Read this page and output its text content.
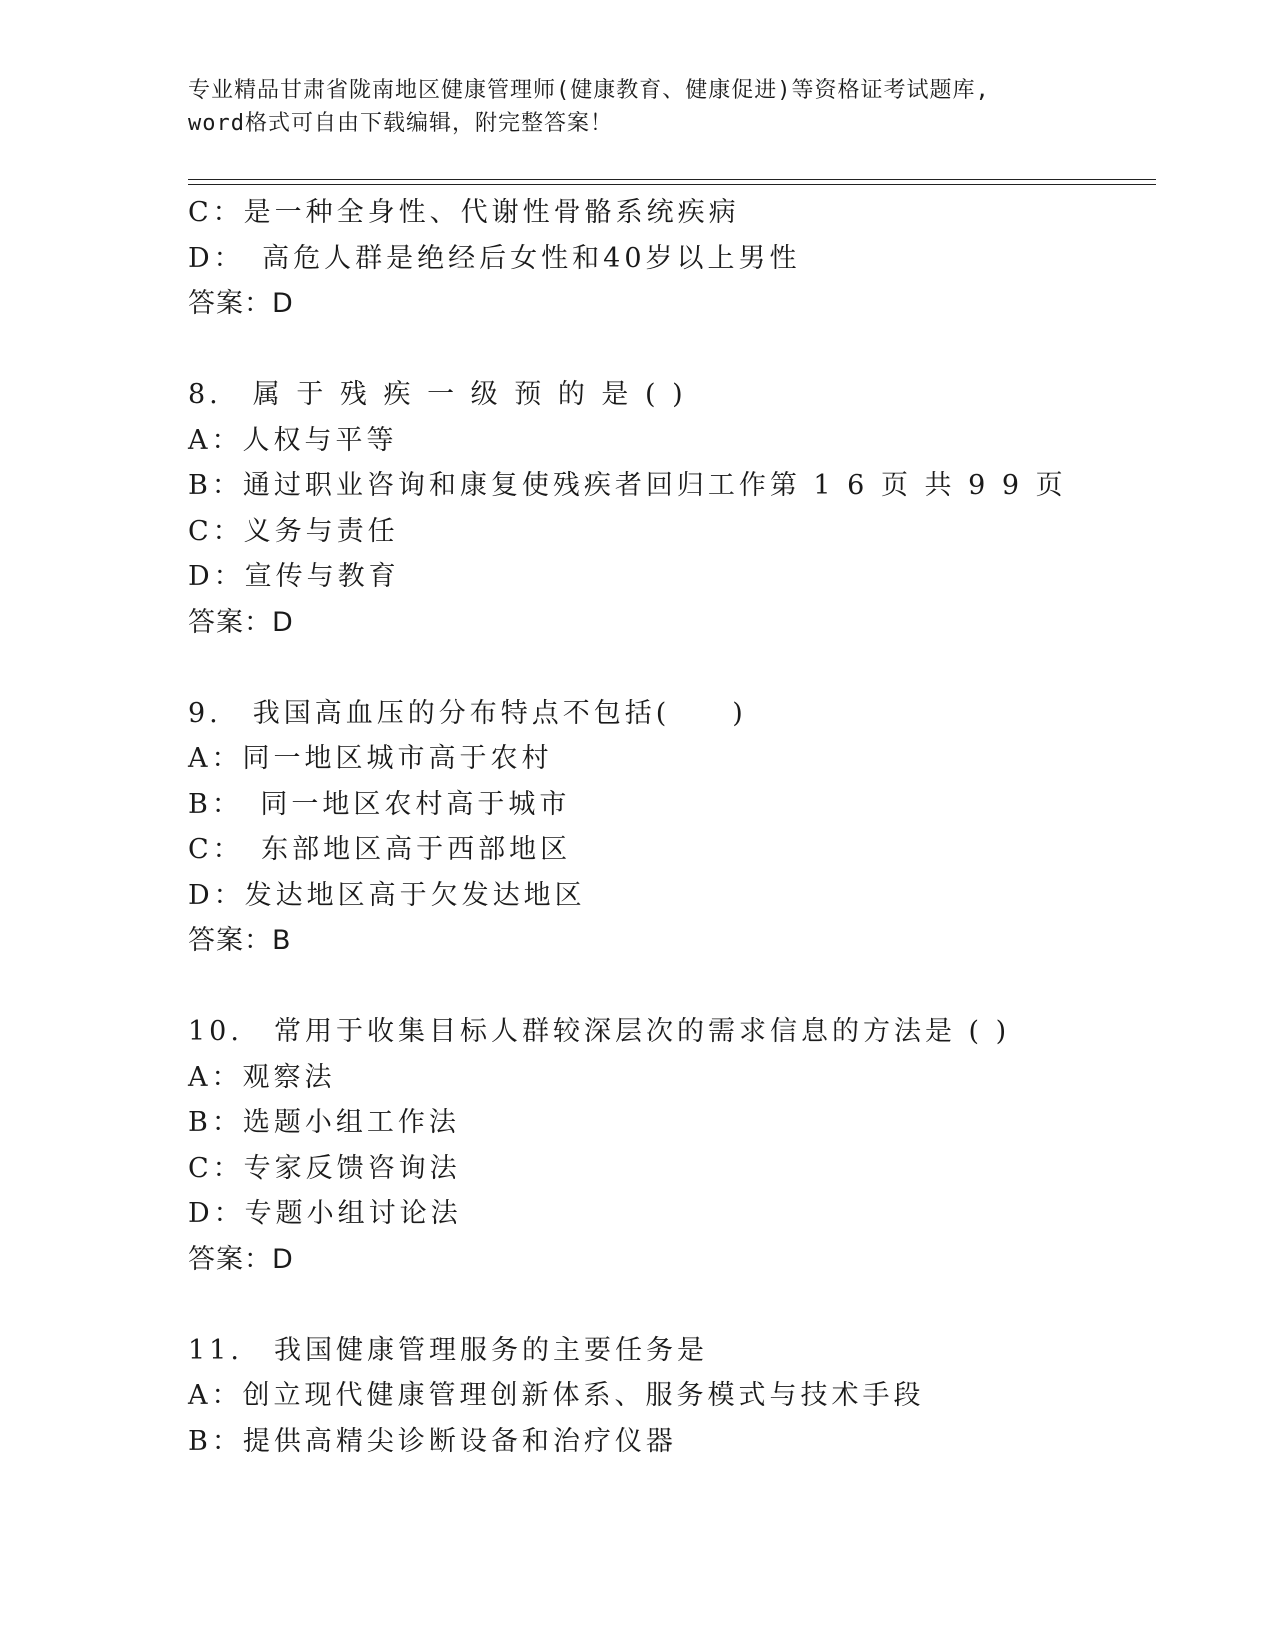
专业精品甘肃省陇南地区健康管理师(健康教育、健康促进)等资格证考试题库,
word格式可自由下载编辑，附完整答案！
C：是一种全身性、代谢性骨骼系统疾病
D：　高危人群是绝经后女性和40岁以上男性
答案：D
8.　属 于 残 疾 一 级 预 的 是 ( )
A：人权与平等
B：通过职业咨询和康复使残疾者回归工作第 1 6 页 共 9 9 页
C：义务与责任
D：宣传与教育
答案：D
9.　我国高血压的分布特点不包括(　　)
A：同一地区城市高于农村
B：　同一地区农村高于城市
C：　东部地区高于西部地区
D：发达地区高于欠发达地区
答案：B
10.　常用于收集目标人群较深层次的需求信息的方法是 ( )
A：观察法
B：选题小组工作法
C：专家反馈咨询法
D：专题小组讨论法
答案：D
11.　我国健康管理服务的主要任务是
A：创立现代健康管理创新体系、服务模式与技术手段
B：提供高精尖诊断设备和治疗仪器
